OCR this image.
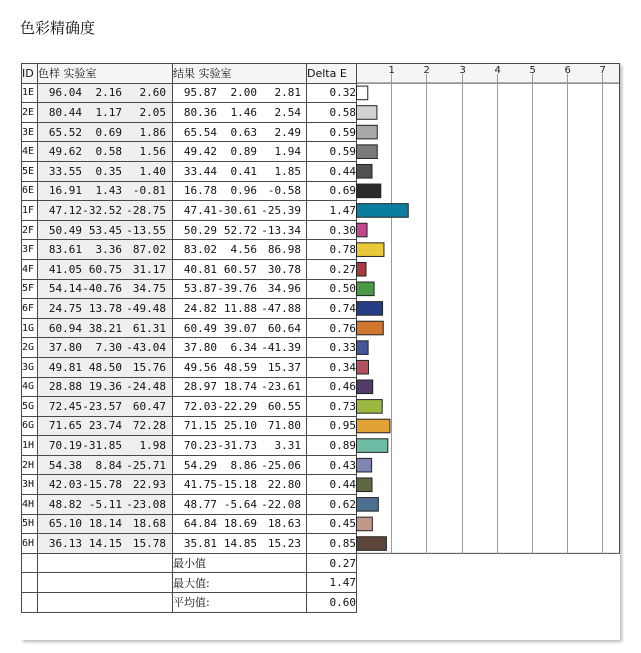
色彩精确度
ID	色样 实验室	结果 实验室	Delta E
1E	96.04 2.16 2.60	95.87 2.00 2.81	0.32
2E	80.44 1.17 2.05	80.36 1.46 2.54	0.58
3E	65.52 0.69 1.86	65.54 0.63 2.49	0.59
4E	49.62 0.58 1.56	49.42 0.89 1.94	0.59
5E	33.55 0.35 1.40	33.44 0.41 1.85	0.44
6E	16.91 1.43 -0.81	16.78 0.96 -0.58	0.69
1F	47.12-32.52 -28.75	47.41-30.61 -25.39	1.47
2F	50.49 53.45 -13.55	50.29 52.72 -13.34	0.30
3F	83.61 3.36 87.02	83.02 4.56 86.98	0.78
4F	41.05 60.75 31.17	40.81 60.57 30.78	0.27
5F	54.14-40.76 34.75	53.87-39.76 34.96	0.50
6F	24.75 13.78 -49.48	24.82 11.88 -47.88	0.74
1G	60.94 38.21 61.31	60.49 39.07 60.64	0.76
2G	37.80 7.30 -43.04	37.80 6.34 -41.39	0.33
3G	49.81 48.50 15.76	49.56 48.59 15.37	0.34
4G	28.88 19.36 -24.48	28.97 18.74 -23.61	0.46
5G	72.45-23.57 60.47	72.03-22.29 60.55	0.73
6G	71.65 23.74 72.28	71.15 25.10 71.80	0.95
1H	70.19-31.85 1.98	70.23-31.73 3.31	0.89
2H	54.38 8.84 -25.71	54.29 8.86 -25.06	0.43
3H	42.03-15.78 22.93	41.75-15.18 22.80	0.44
4H	48.82 -5.11 -23.08	48.77 -5.64 -22.08	0.62
5H	65.10 18.14 18.68	64.84 18.69 18.63	0.45
6H	36.13 14.15 15.78	35.81 14.85 15.23	0.85
		最小值	0.27
		最大值:	1.47
		平均值:	0.60
1	2	3	4	5	6	7
